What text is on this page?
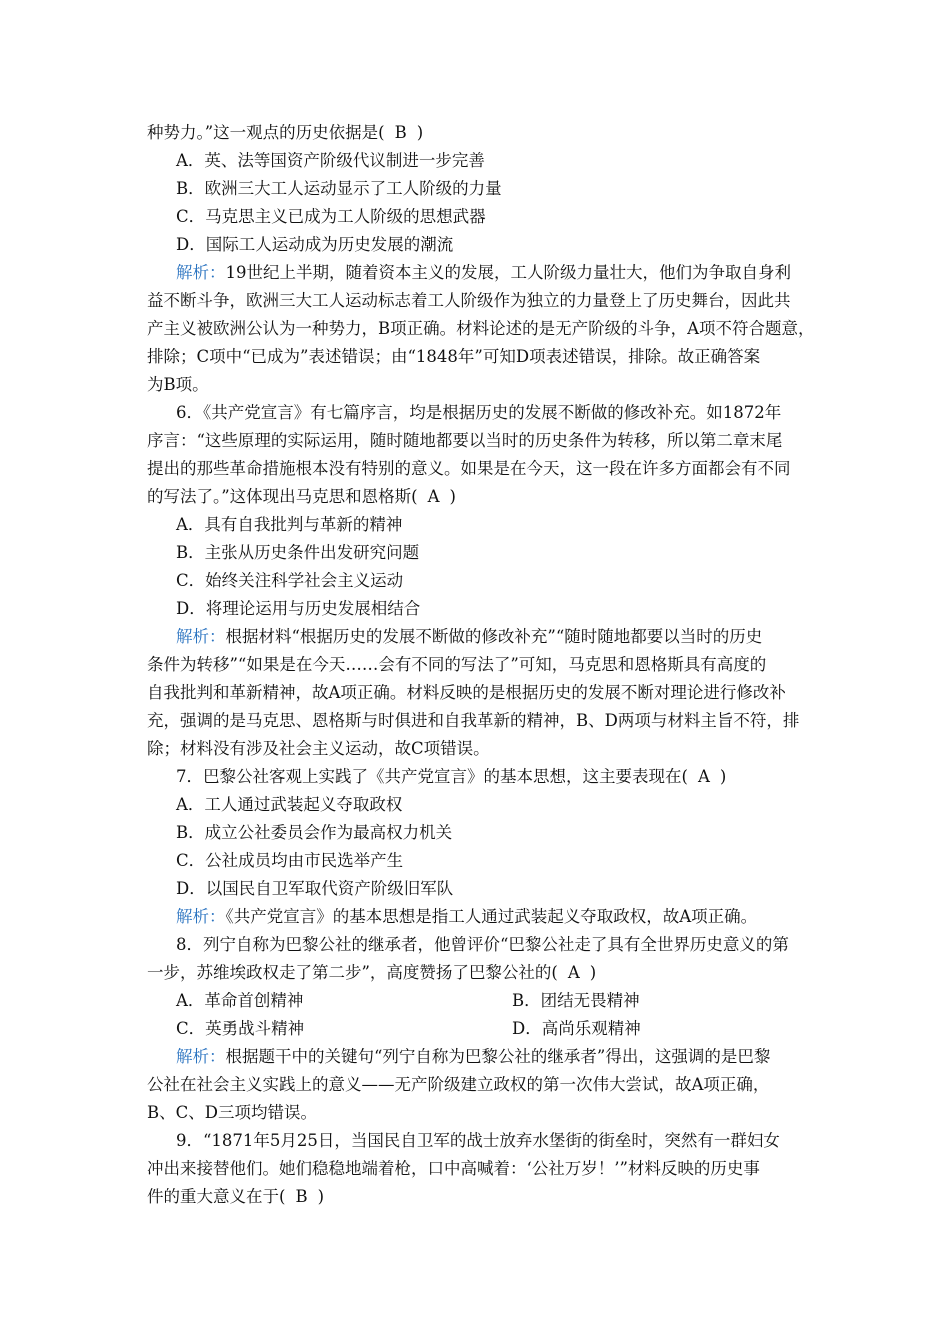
种势力。”这一观点的历史依据是( B )
A．英、法等国资产阶级代议制进一步完善
B．欧洲三大工人运动显示了工人阶级的力量
C．马克思主义已成为工人阶级的思想武器
D．国际工人运动成为历史发展的潮流
解析：19世纪上半期，随着资本主义的发展，工人阶级力量壮大，他们为争取自身利
益不断斗争，欧洲三大工人运动标志着工人阶级作为独立的力量登上了历史舞台，因此共
产主义被欧洲公认为一种势力，B项正确。材料论述的是无产阶级的斗争，A项不符合题意，
排除；C项中“已成为”表述错误；由“1848年”可知D项表述错误，排除。故正确答案
为B项。
6．《共产党宣言》有七篇序言，均是根据历史的发展不断做的修改补充。如1872年
序言：“这些原理的实际运用，随时随地都要以当时的历史条件为转移，所以第二章末尾
提出的那些革命措施根本没有特别的意义。如果是在今天，这一段在许多方面都会有不同
的写法了。”这体现出马克思和恩格斯( A )
A．具有自我批判与革新的精神
B．主张从历史条件出发研究问题
C．始终关注科学社会主义运动
D．将理论运用与历史发展相结合
解析：根据材料“根据历史的发展不断做的修改补充”“随时随地都要以当时的历史
条件为转移”“如果是在今天……会有不同的写法了”可知，马克思和恩格斯具有高度的
自我批判和革新精神，故A项正确。材料反映的是根据历史的发展不断对理论进行修改补
充，强调的是马克思、恩格斯与时俱进和自我革新的精神，B、D两项与材料主旨不符，排
除；材料没有涉及社会主义运动，故C项错误。
7．巴黎公社客观上实践了《共产党宣言》的基本思想，这主要表现在( A )
A．工人通过武装起义夺取政权
B．成立公社委员会作为最高权力机关
C．公社成员均由市民选举产生
D．以国民自卫军取代资产阶级旧军队
解析：《共产党宣言》的基本思想是指工人通过武装起义夺取政权，故A项正确。
8．列宁自称为巴黎公社的继承者，他曾评价“巴黎公社走了具有全世界历史意义的第
一步，苏维埃政权走了第二步”，高度赞扬了巴黎公社的( A )
A．革命首创精神	B．团结无畏精神
C．英勇战斗精神	D．高尚乐观精神
解析：根据题干中的关键句“列宁自称为巴黎公社的继承者”得出，这强调的是巴黎
公社在社会主义实践上的意义——无产阶级建立政权的第一次伟大尝试，故A项正确，
B、C、D三项均错误。
9．“1871年5月25日，当国民自卫军的战士放弃水堡街的街垒时，突然有一群妇女
冲出来接替他们。她们稳稳地端着枪，口中高喊着：‘公社万岁！’”材料反映的历史事
件的重大意义在于( B )
